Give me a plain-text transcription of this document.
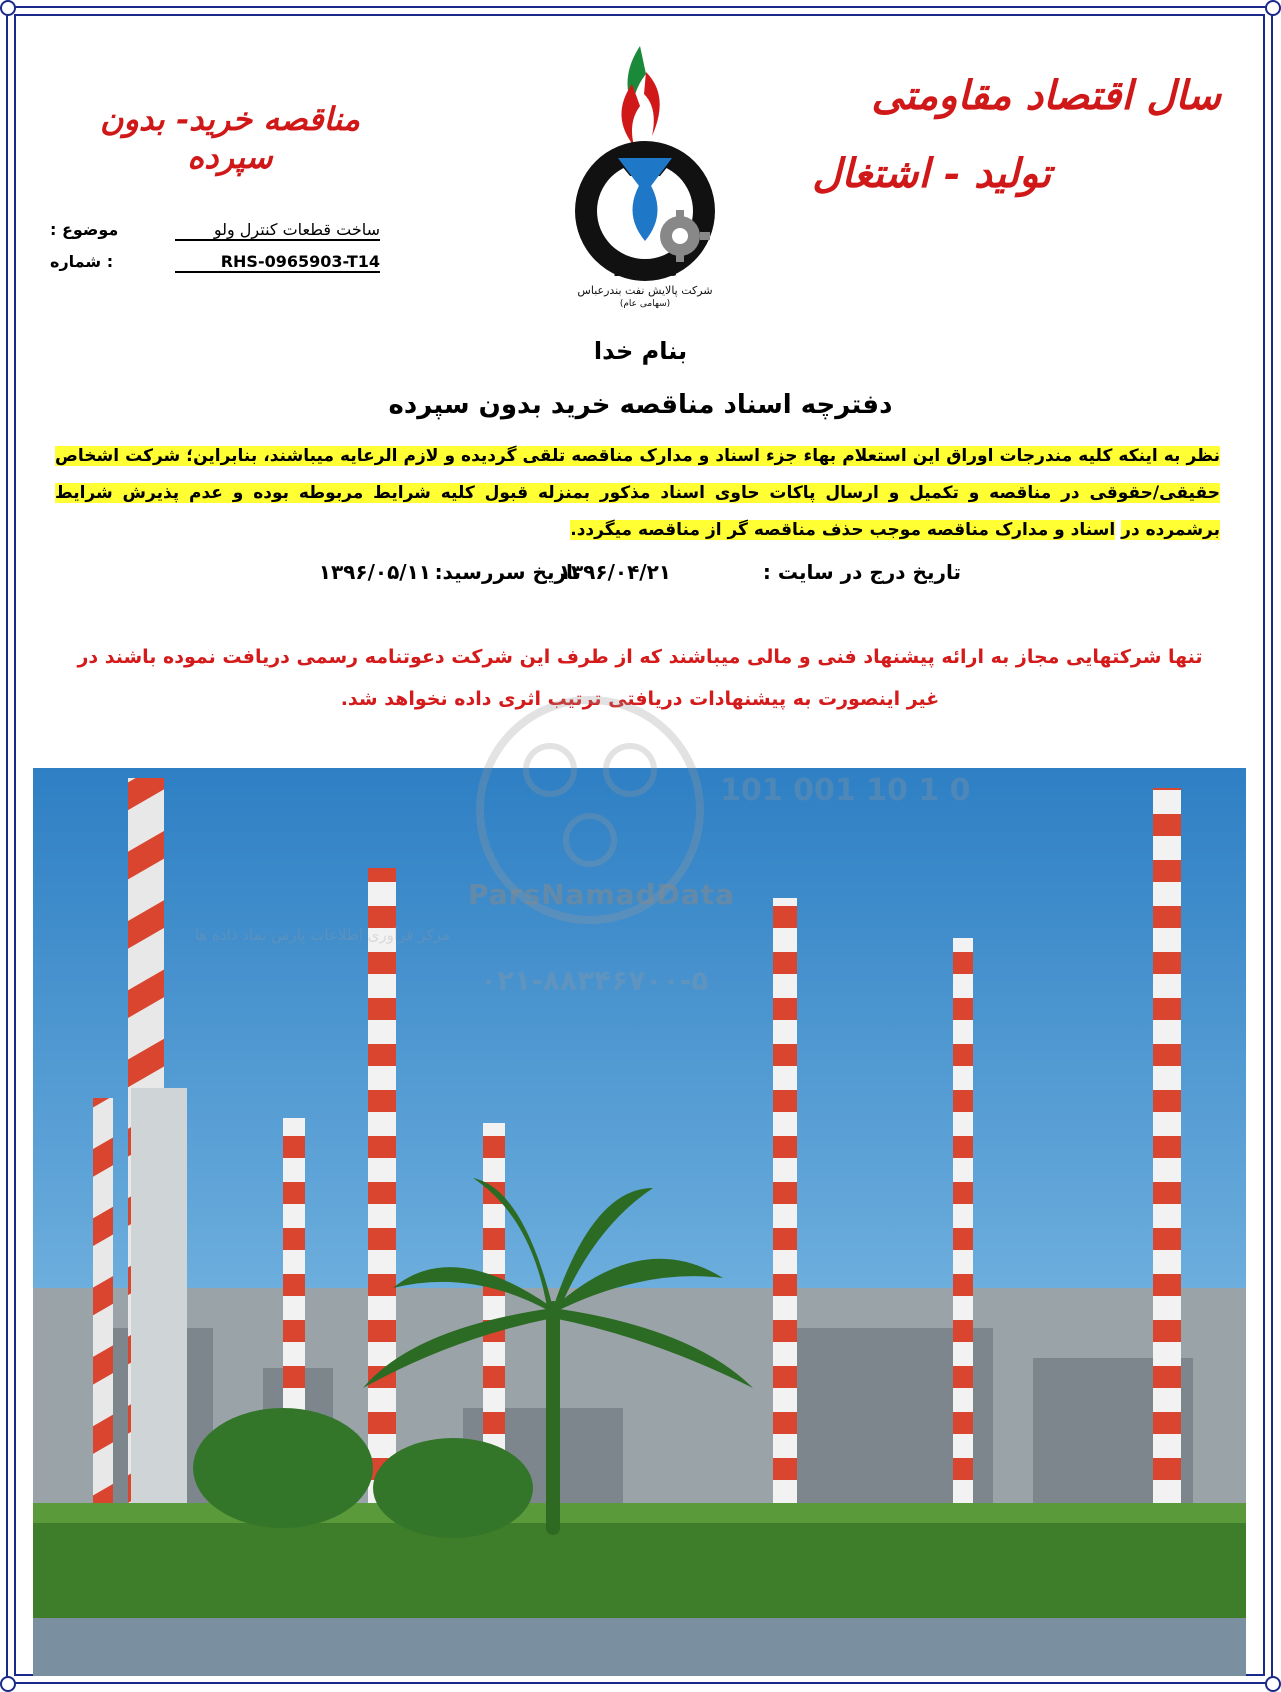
سال اقتصاد مقاومتی
تولید - اشتغال
مناقصه خرید- بدون سپرده
موضوع :	ساخت قطعات کنترل ولو
: شماره	RHS-0965903-T14	B.O.R.C
شرکت پالایش نفت بندرعباس
(سهامی عام)
بنام خدا
دفترچه اسناد مناقصه خرید بدون سپرده
نظر به اینکه کلیه مندرجات اوراق این استعلام بهاء جزء اسناد و مدارک مناقصه تلقی گردیده و لازم الرعایه میباشند، بنابراین؛ شرکت اشخاص حقیقی/حقوقی در مناقصه و تکمیل و ارسال پاکات حاوی اسناد مذکور بمنزله قبول کلیه شرایط مربوطه بوده و عدم پذیرش شرایط برشمرده در اسناد و مدارک مناقصه موجب حذف مناقصه گر از مناقصه میگردد.
تاریخ درج در سایت :
۱۳۹۶/۰۴/۲۱
تاریخ سررسید:
۱۳۹۶/۰۵/۱۱
تنها شرکتهایی مجاز به ارائه پیشنهاد فنی و مالی میباشند که از طرف این شرکت دعوتنامه رسمی دریافت نموده باشند در غیر اینصورت به پیشنهادات دریافتی ترتیب اثری داده نخواهد شد.
101 001 10 1 0
مرکز فرآوری اطلاعات پارس نماد داده ها
۰۲۱-۸۸۳۴۶۷۰۰-۵
ParsNamadData
